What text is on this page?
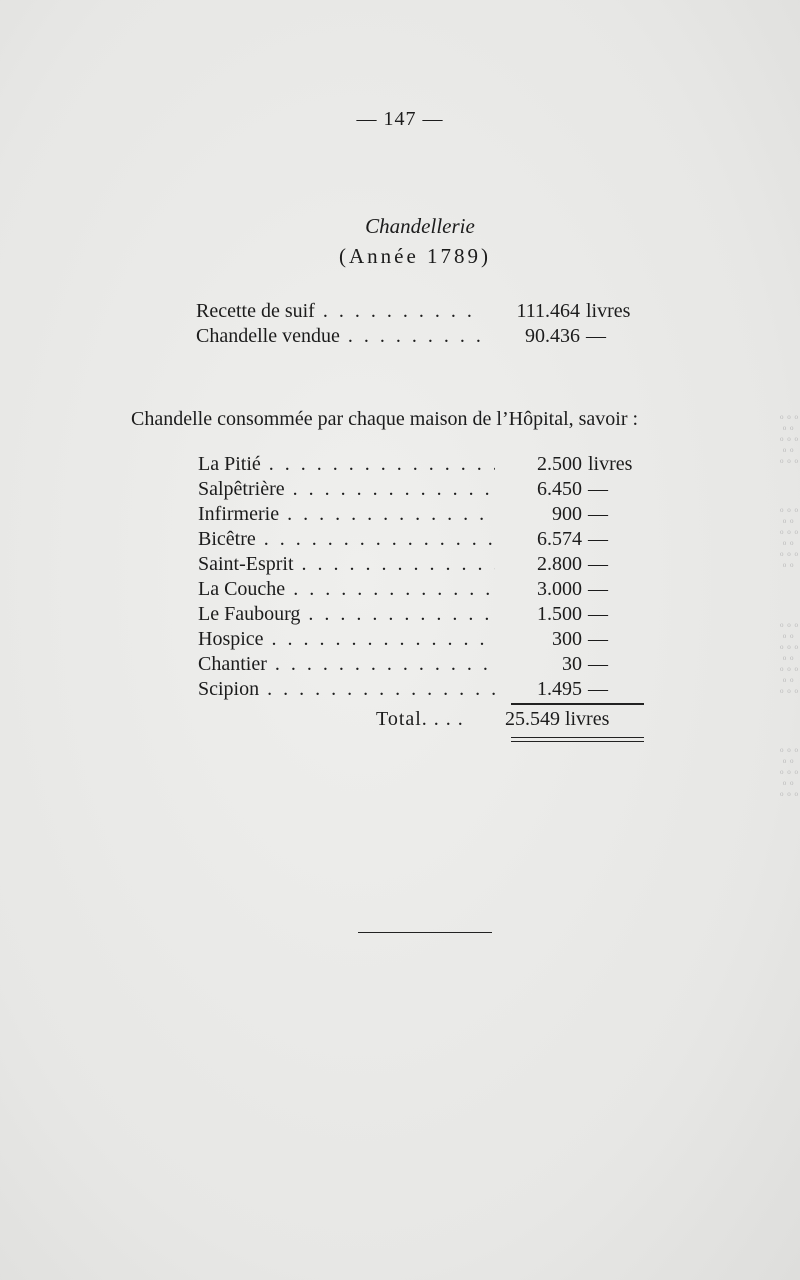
— 147 —
Chandellerie
(Année 1789)
Recette de suif . . .	111.464 livres
Chandelle vendue . . .	90.436 —
Chandelle consommée par chaque maison de l’Hôpital, savoir :
La Pitié . . .	2.500 livres
Salpêtrière . . .	6.450 —
Infirmerie . . .	900 —
Bicêtre . . .	6.574 —
Saint-Esprit . . .	2.800 —
La Couche . . .	3.000 —
Le Faubourg . . .	1.500 —
Hospice . . .	300 —
Chantier . . .	30 —
Scipion . . .	1.495 —
Total. . . .	25.549 livres
o o o
o o
o o o
o o
o o o
o o o
o o
o o o
o o
o o o
o o
o o o
o o
o o o
o o
o o o
o o
o o o
o o o
o o
o o o
o o
o o o
